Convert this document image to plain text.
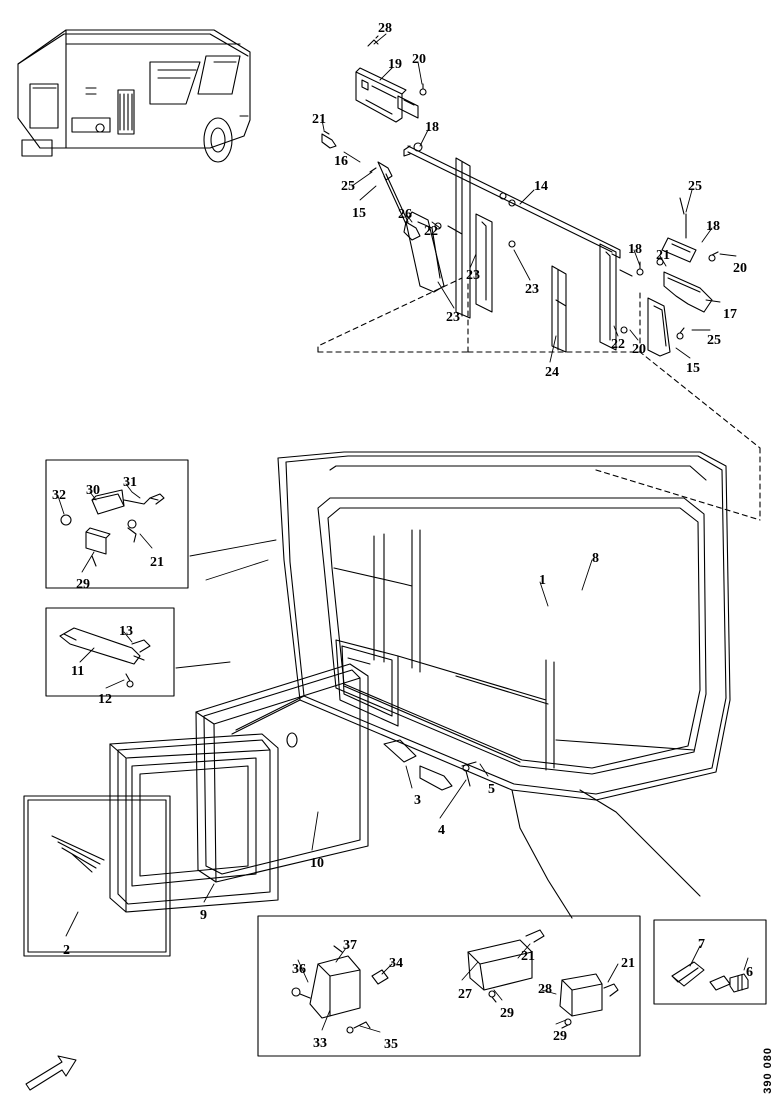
28
19 20
21
18
16
25
15 26
22
14
23
23
23
24
18 21
22 20
25
18
20
17
25
15
32 30
31
21
29
13
11
12
8
1
3
4
5
10
9
2
36
37
34
33	35
27
21
29
28
21
29
7
6
390 080
